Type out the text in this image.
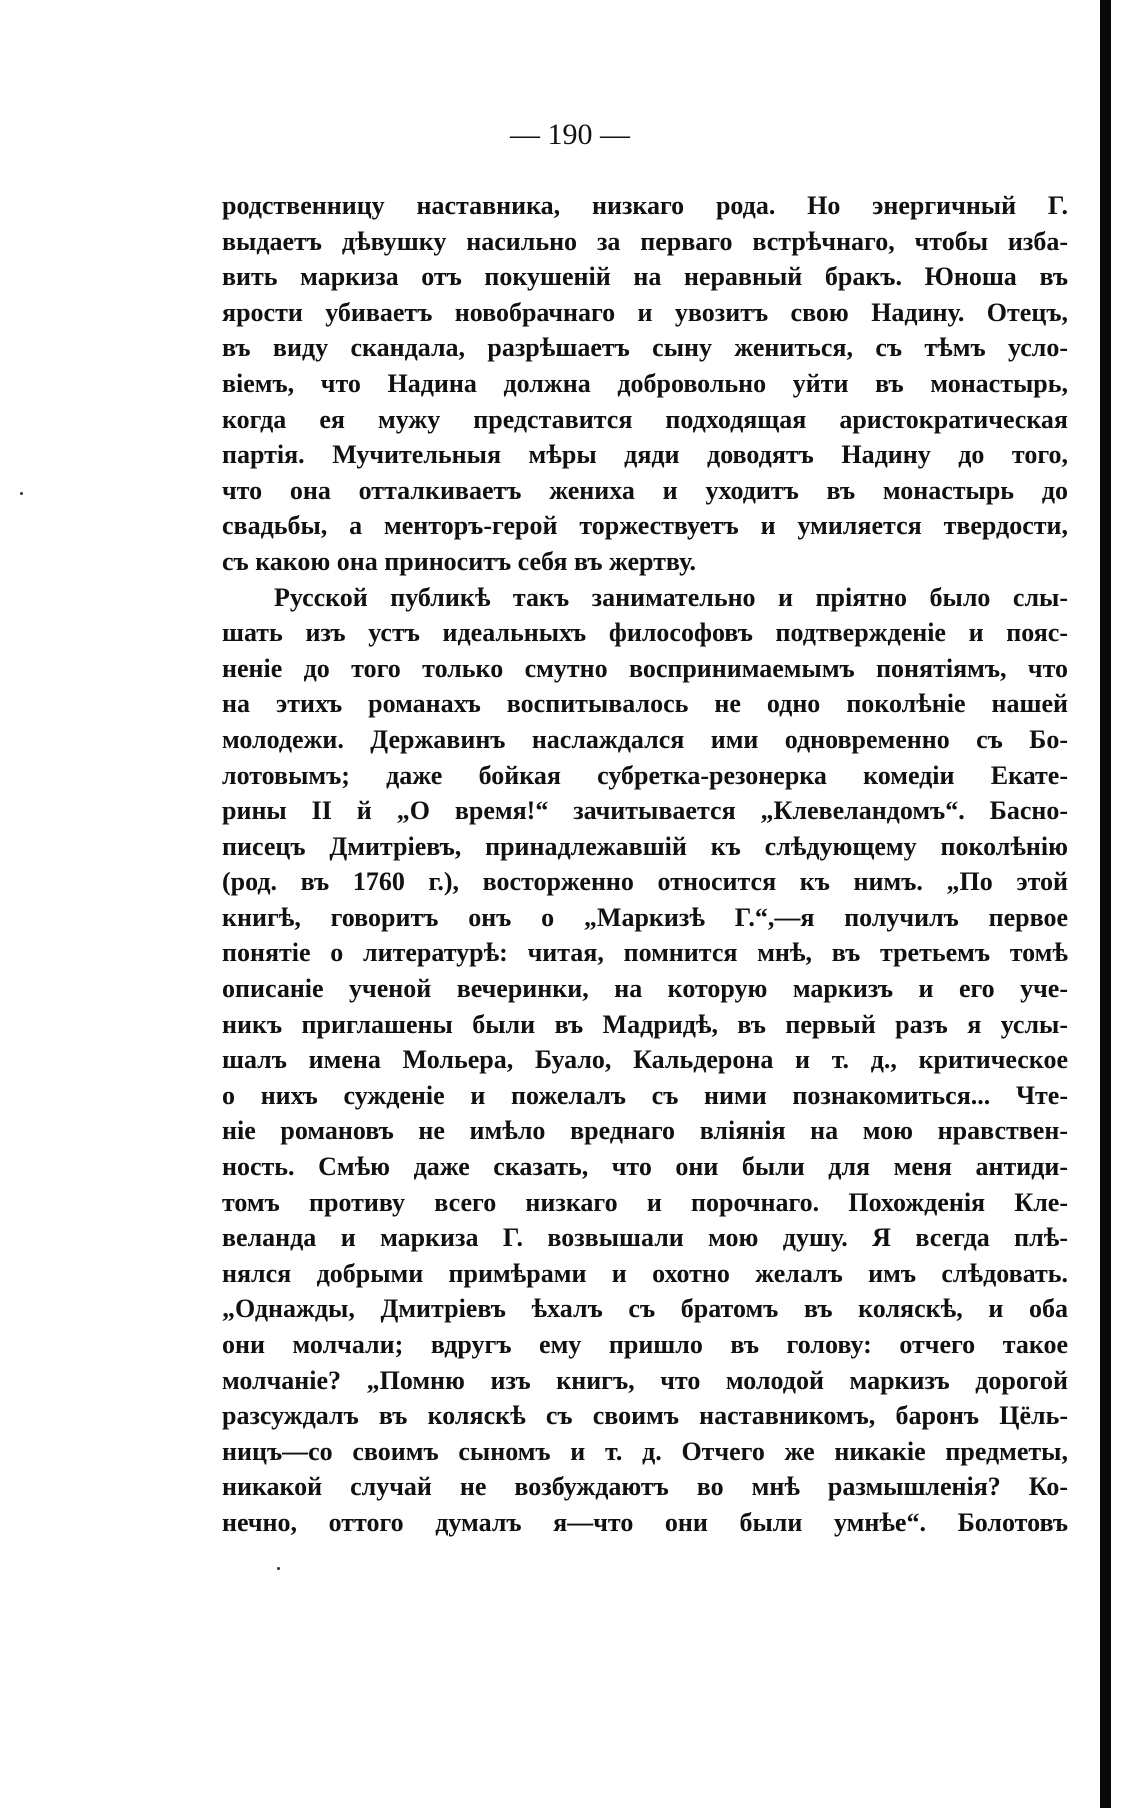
— 190 —
родственницу наставника, низкаго рода. Но энергичный Г.
выдаетъ дѣвушку насильно за перваго встрѣчнаго, чтобы изба-
вить маркиза отъ покушеній на неравный бракъ. Юноша въ
ярости убиваетъ новобрачнаго и увозитъ свою Надину. Отецъ,
въ виду скандала, разрѣшаетъ сыну жениться, съ тѣмъ усло-
віемъ, что Надина должна добровольно уйти въ монастырь,
когда ея мужу представится подходящая аристократическая
партія. Мучительныя мѣры дяди доводятъ Надину до того,
что она отталкиваетъ жениха и уходитъ въ монастырь до
свадьбы, а менторъ-герой торжествуетъ и умиляется твердости,
съ какою она приноситъ себя въ жертву.
Русской публикѣ такъ занимательно и пріятно было слы-
шать изъ устъ идеальныхъ философовъ подтвержденіе и пояс-
неніе до того только смутно воспринимаемымъ понятіямъ, что
на этихъ романахъ воспитывалось не одно поколѣніе нашей
молодежи. Державинъ наслаждался ими одновременно съ Бо-
лотовымъ; даже бойкая субретка-резонерка комедіи Екате-
рины II й „О время!“ зачитывается „Клевеландомъ“. Басно-
писецъ Дмитріевъ, принадлежавшій къ слѣдующему поколѣнію
(род. въ 1760 г.), восторженно относится къ нимъ. „По этой
книгѣ, говоритъ онъ о „Маркизѣ Г.“,—я получилъ первое
понятіе о литературѣ: читая, помнится мнѣ, въ третьемъ томѣ
описаніе ученой вечеринки, на которую маркизъ и его уче-
никъ приглашены были въ Мадридѣ, въ первый разъ я услы-
шалъ имена Мольера, Буало, Кальдерона и т. д., критическое
о нихъ сужденіе и пожелалъ съ ними познакомиться... Чте-
ніе романовъ не имѣло вреднаго вліянія на мою нравствен-
ность. Смѣю даже сказать, что они были для меня антиди-
томъ противу всего низкаго и порочнаго. Похожденія Кле-
веланда и маркиза Г. возвышали мою душу. Я всегда плѣ-
нялся добрыми примѣрами и охотно желалъ имъ слѣдовать.
„Однажды, Дмитріевъ ѣхалъ съ братомъ въ коляскѣ, и оба
они молчали; вдругъ ему пришло въ голову: отчего такое
молчаніе? „Помню изъ книгъ, что молодой маркизъ дорогой
разсуждалъ въ коляскѣ съ своимъ наставникомъ, баронъ Цёль-
ницъ—со своимъ сыномъ и т. д. Отчего же никакіе предметы,
никакой случай не возбуждаютъ во мнѣ размышленія? Ко-
нечно, оттого думалъ я—что они были умнѣе“. Болотовъ
